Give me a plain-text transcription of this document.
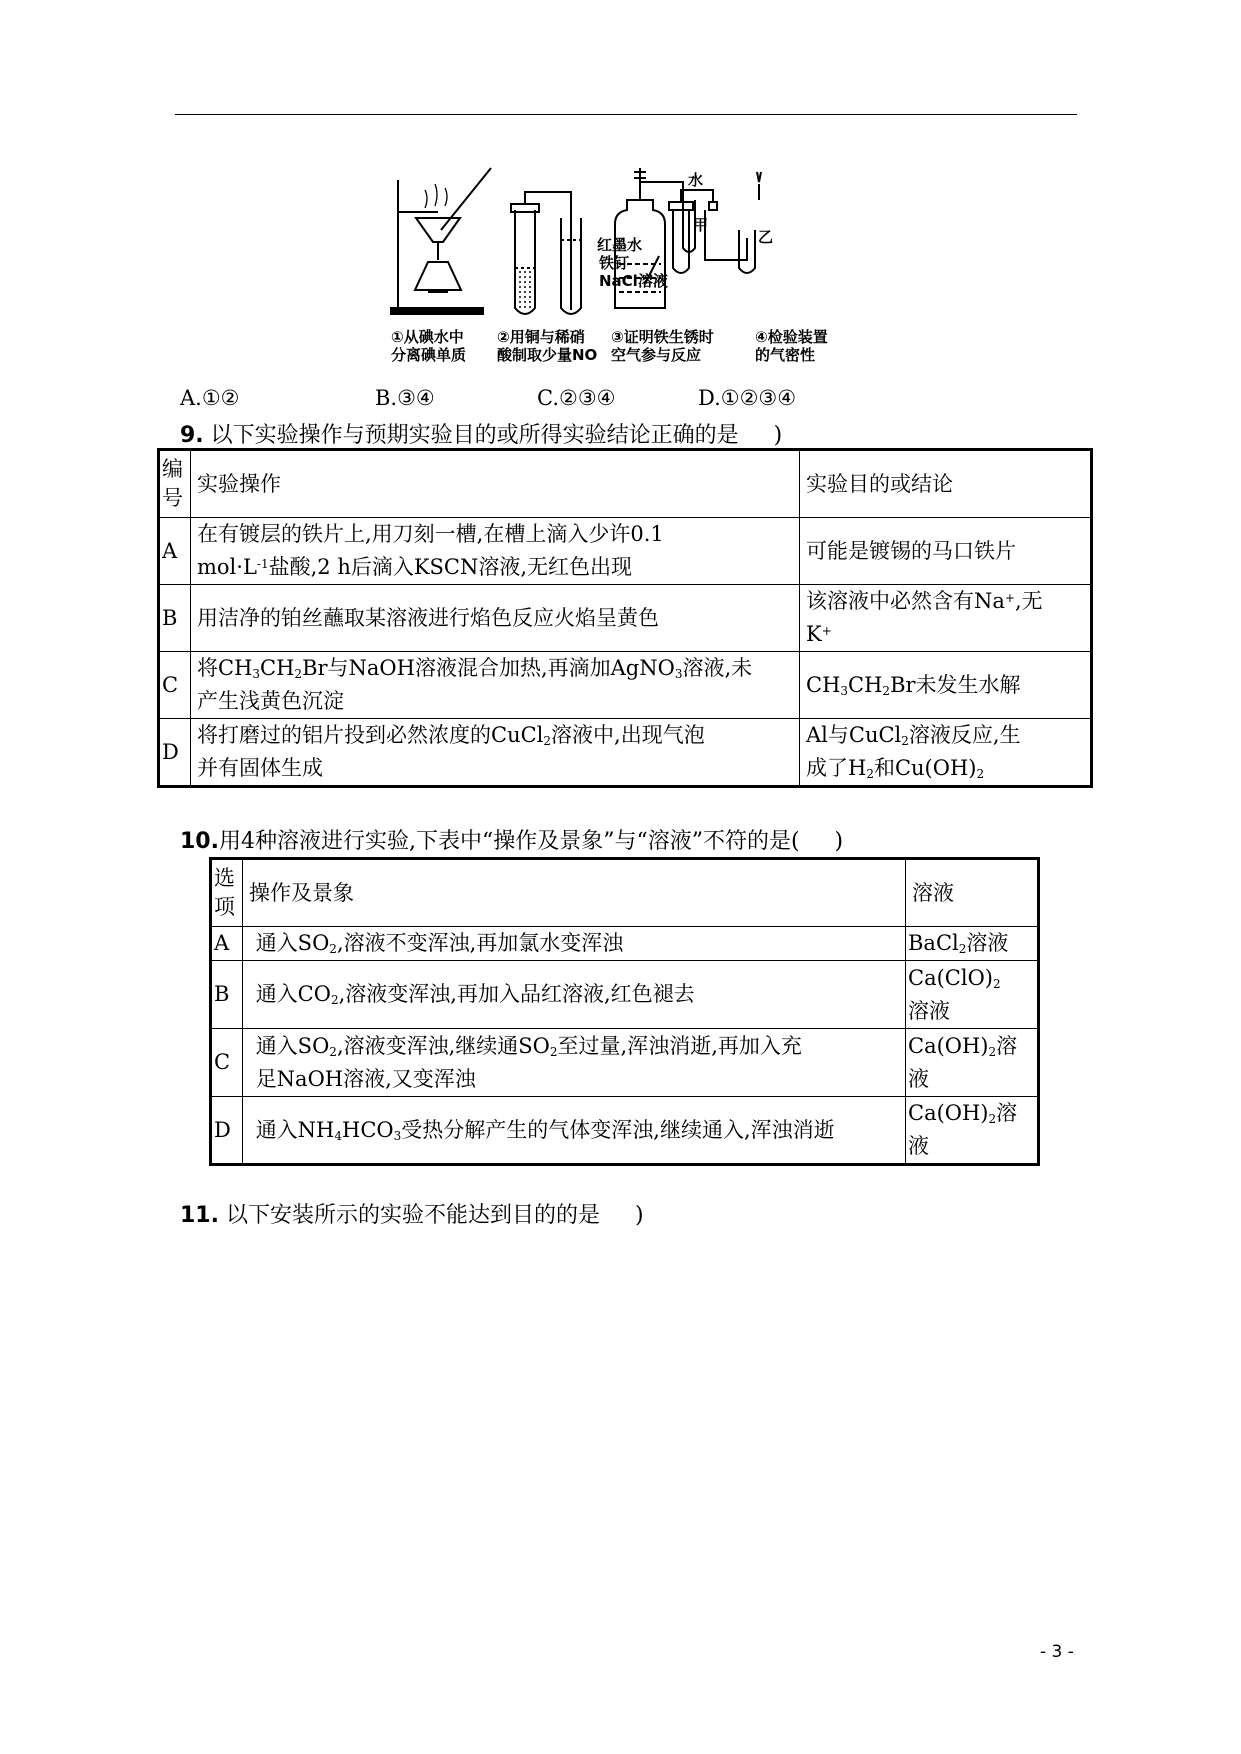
水
红墨水
铁钉
NaCl溶液
甲
乙
①从碘水中
分离碘单质
②用铜与稀硝
酸制取少量NO
③证明铁生锈时
空气参与反应
④检验装置
的气密性
A.①②	B.③④	C.②③④	D.①②③④
9. 以下实验操作与预期实验目的或所得实验结论正确的是 )
编号	实验操作	实验目的或结论
A	在有镀层的铁片上,用刀刻一槽,在槽上滴入少许0.1
$mol\cdot L^{-1}$盐酸,2 h后滴入KSCN溶液,无红色出现	可能是镀锡的马口铁片
B	用洁净的铂丝蘸取某溶液进行焰色反应火焰呈黄色	该溶液中必然含有Na+,无
K+
C	将$CH_3CH_2Br$与NaOH溶液混合加热,再滴加AgNO$_3$溶液,未
产生浅黄色沉淀	$CH_3CH_2Br$未发生水解
D	将打磨过的铝片投到必然浓度的CuCl$_2$溶液中,出现气泡
并有固体生成	Al与CuCl$_2$溶液反应,生
成了$H_2$和$Cu(OH)_2$
10.用4种溶液进行实验,下表中“操作及景象”与“溶液”不符的是( )
选项	操作及景象	溶液
A	通入$SO_2$,溶液不变浑浊,再加氯水变浑浊	BaCl$_2$溶液
B	通入$CO_2$,溶液变浑浊,再加入品红溶液,红色褪去	$Ca(ClO)_2$
溶液
C	通入$SO_2$,溶液变浑浊,继续通$SO_2$至过量,浑浊消逝,再加入充
足NaOH溶液,又变浑浊	$Ca(OH)_2$溶
液
D	通入$NH_4HCO_3$受热分解产生的气体变浑浊,继续通入,浑浊消逝	$Ca(OH)_2$溶
液
11. 以下安装所示的实验不能达到目的的是 )
- 3 -
